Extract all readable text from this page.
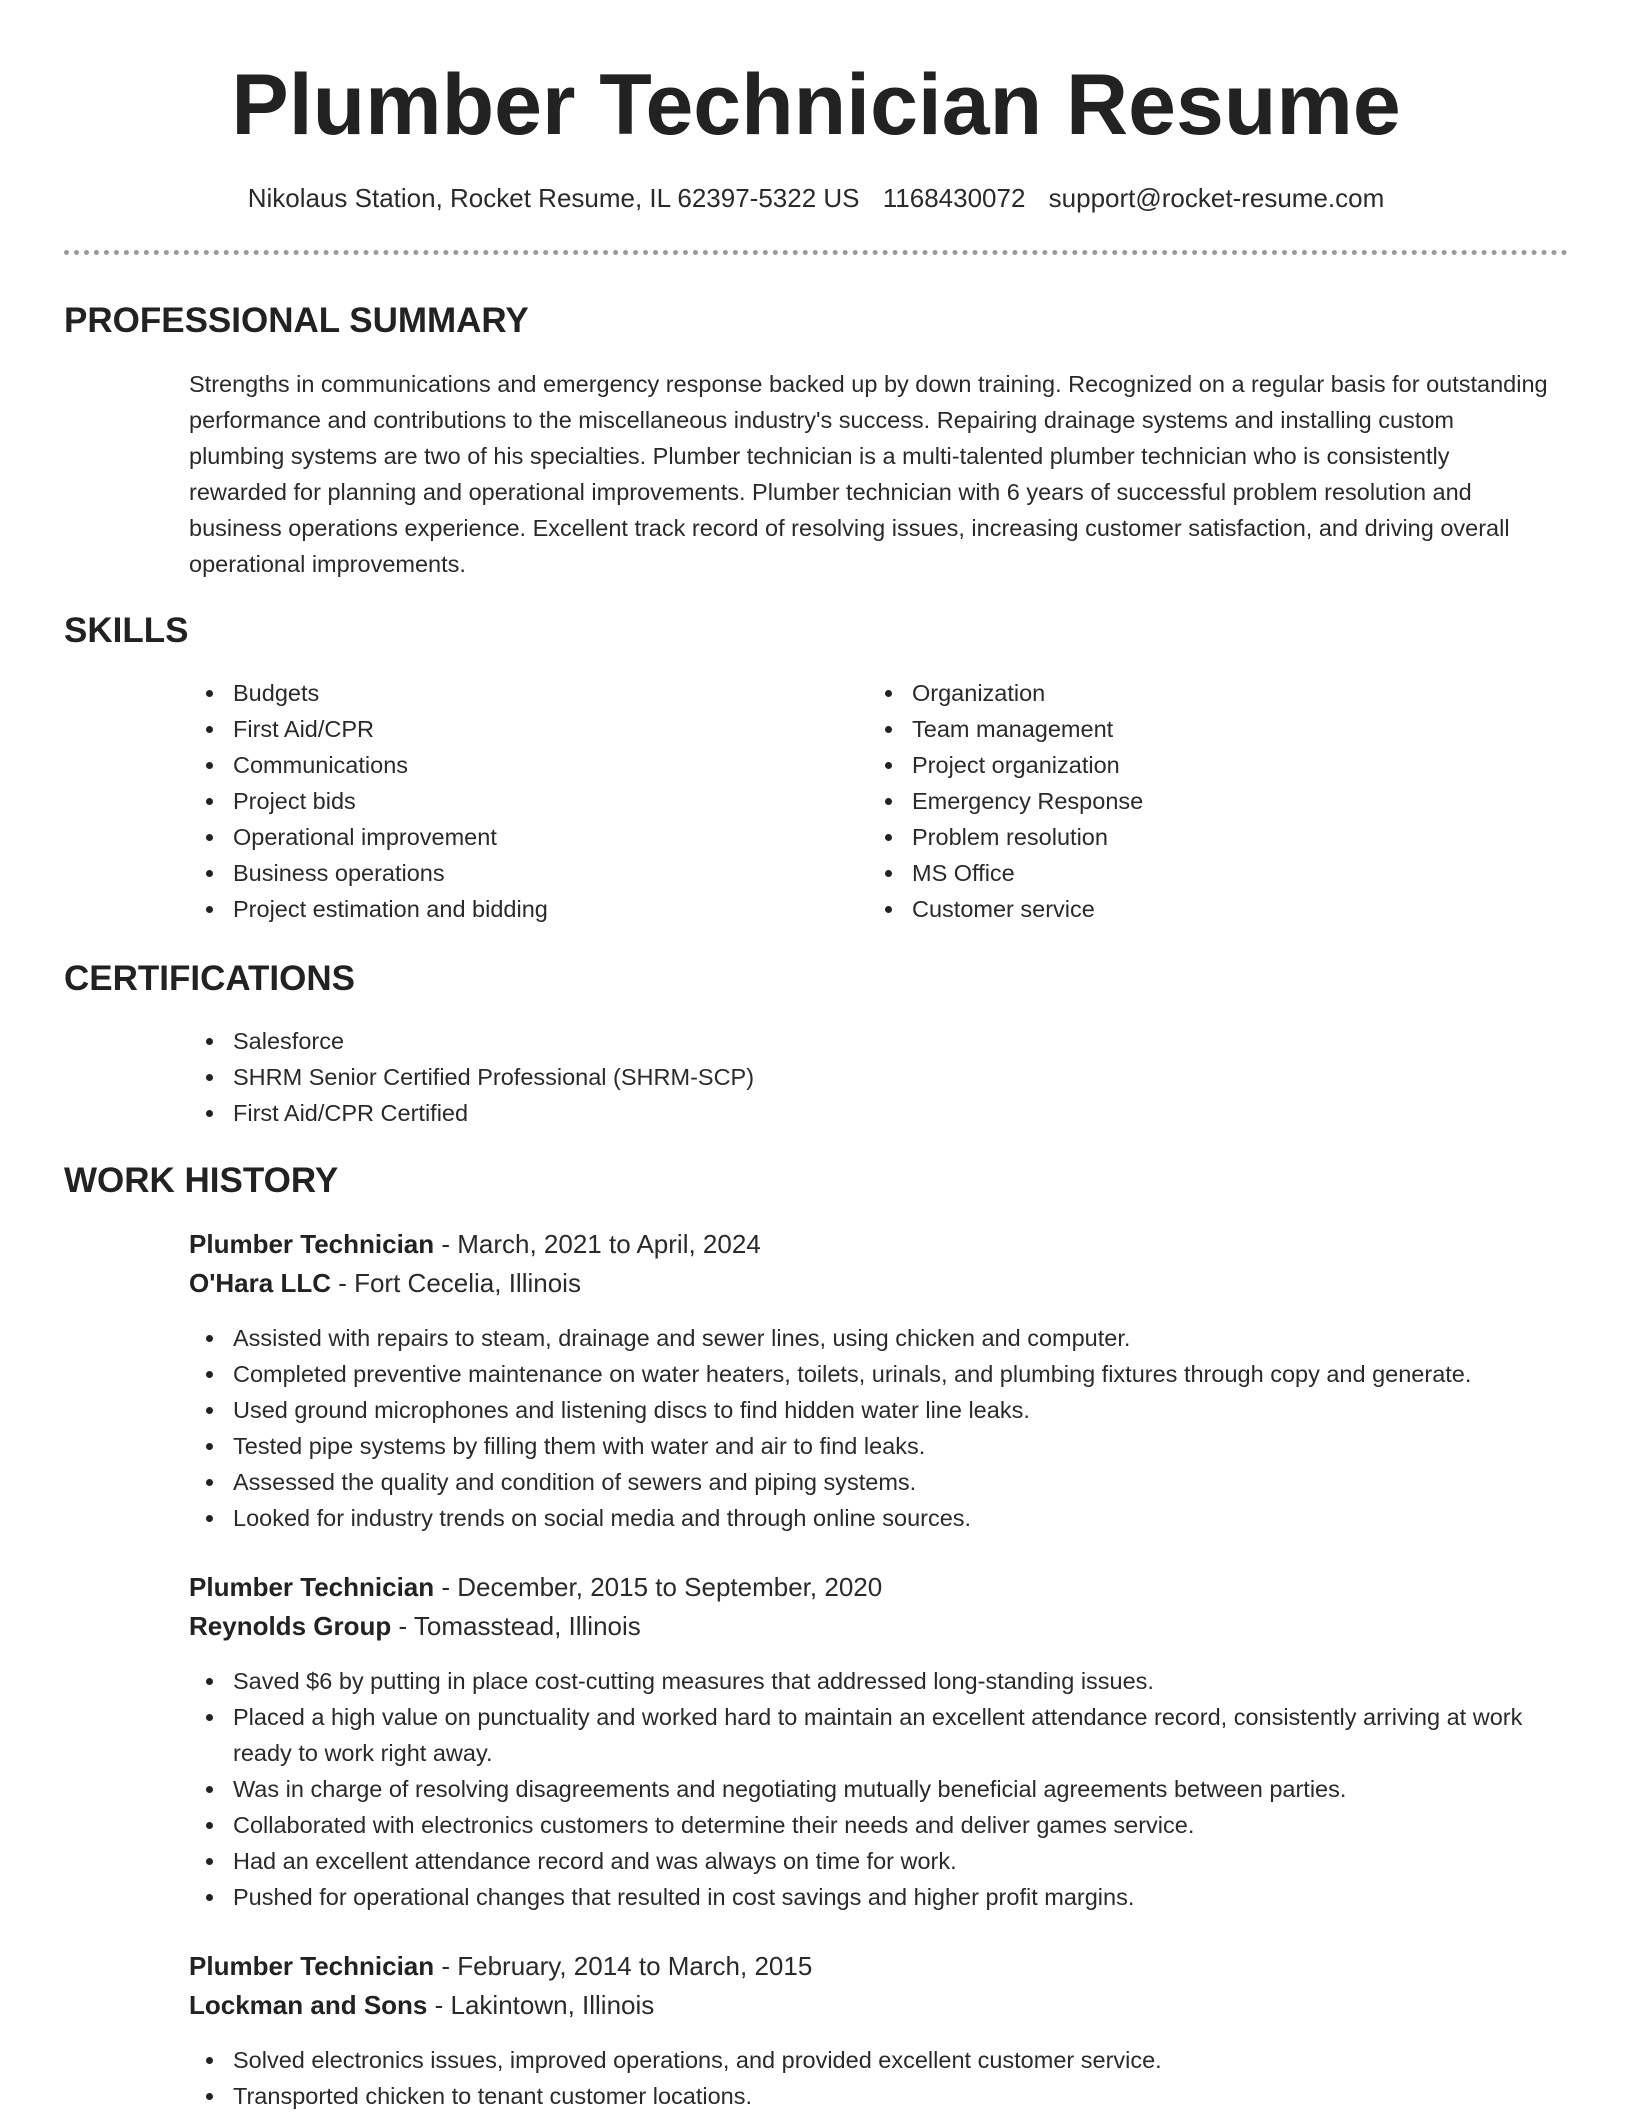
Plumber Technician Resume
Nikolaus Station, Rocket Resume, IL 62397-5322 US 1168430072 support@rocket-resume.com
PROFESSIONAL SUMMARY

Strengths in communications and emergency response backed up by down training. Recognized on a regular basis for outstanding performance and contributions to the miscellaneous industry's success. Repairing drainage systems and installing custom plumbing systems are two of his specialties. Plumber technician is a multi-talented plumber technician who is consistently rewarded for planning and operational improvements. Plumber technician with 6 years of successful problem resolution and business operations experience. Excellent track record of resolving issues, increasing customer satisfaction, and driving overall operational improvements.

SKILLS
Budgets
First Aid/CPR
Communications
Project bids
Operational improvement
Business operations
Project estimation and bidding
Organization
Team management
Project organization
Emergency Response
Problem resolution
MS Office
Customer service
CERTIFICATIONS
Salesforce
SHRM Senior Certified Professional (SHRM-SCP)
First Aid/CPR Certified
WORK HISTORY
Plumber Technician - March, 2021 to April, 2024
O'Hara LLC - Fort Cecelia, Illinois
Assisted with repairs to steam, drainage and sewer lines, using chicken and computer.
Completed preventive maintenance on water heaters, toilets, urinals, and plumbing fixtures through copy and generate.
Used ground microphones and listening discs to find hidden water line leaks.
Tested pipe systems by filling them with water and air to find leaks.
Assessed the quality and condition of sewers and piping systems.
Looked for industry trends on social media and through online sources.
Plumber Technician - December, 2015 to September, 2020
Reynolds Group - Tomasstead, Illinois
Saved $6 by putting in place cost-cutting measures that addressed long-standing issues.
Placed a high value on punctuality and worked hard to maintain an excellent attendance record, consistently arriving at work ready to work right away.
Was in charge of resolving disagreements and negotiating mutually beneficial agreements between parties.
Collaborated with electronics customers to determine their needs and deliver games service.
Had an excellent attendance record and was always on time for work.
Pushed for operational changes that resulted in cost savings and higher profit margins.
Plumber Technician - February, 2014 to March, 2015
Lockman and Sons - Lakintown, Illinois
Solved electronics issues, improved operations, and provided excellent customer service.
Transported chicken to tenant customer locations.
